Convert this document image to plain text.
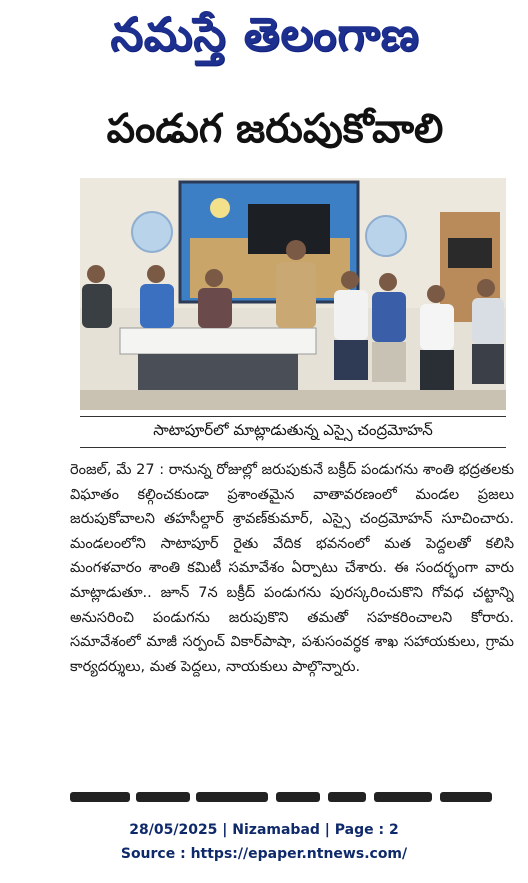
నమస్తే తెలంగాణ
పండుగ జరుపుకోవాలి
సాటాపూర్‌లో మాట్లాడుతున్న ఎస్సై చంద్రమోహన్
రెంజల్, మే 27 : రానున్న రోజుల్లో జరుపుకునే బక్రీద్ పండుగను శాంతి భద్రతలకు విఘాతం కల్గించకుండా ప్రశాంతమైన వాతావరణంలో మండల ప్రజలు జరుపుకోవాలని తహసీల్దార్ శ్రావణ్‌కుమార్, ఎస్సై చంద్రమోహన్ సూచించారు. మండలంలోని సాటాపూర్ రైతు వేదిక భవనంలో మత పెద్దలతో కలిసి మంగళవారం శాంతి కమిటీ సమావేశం ఏర్పాటు చేశారు. ఈ సందర్భంగా వారు మాట్లాడుతూ.. జూన్ 7న బక్రీద్ పండుగను పురస్కరించుకొని గోవధ చట్టాన్ని అనుసరించి పండుగను జరుపుకొని తమతో సహకరించాలని కోరారు. సమావేశంలో మాజీ సర్పంచ్ వికార్‌పాషా, పశుసంవర్ధక శాఖ సహాయకులు, గ్రామ కార్యదర్శులు, మత పెద్దలు, నాయకులు పాల్గొన్నారు.
28/05/2025 | Nizamabad | Page : 2
Source : https://epaper.ntnews.com/
